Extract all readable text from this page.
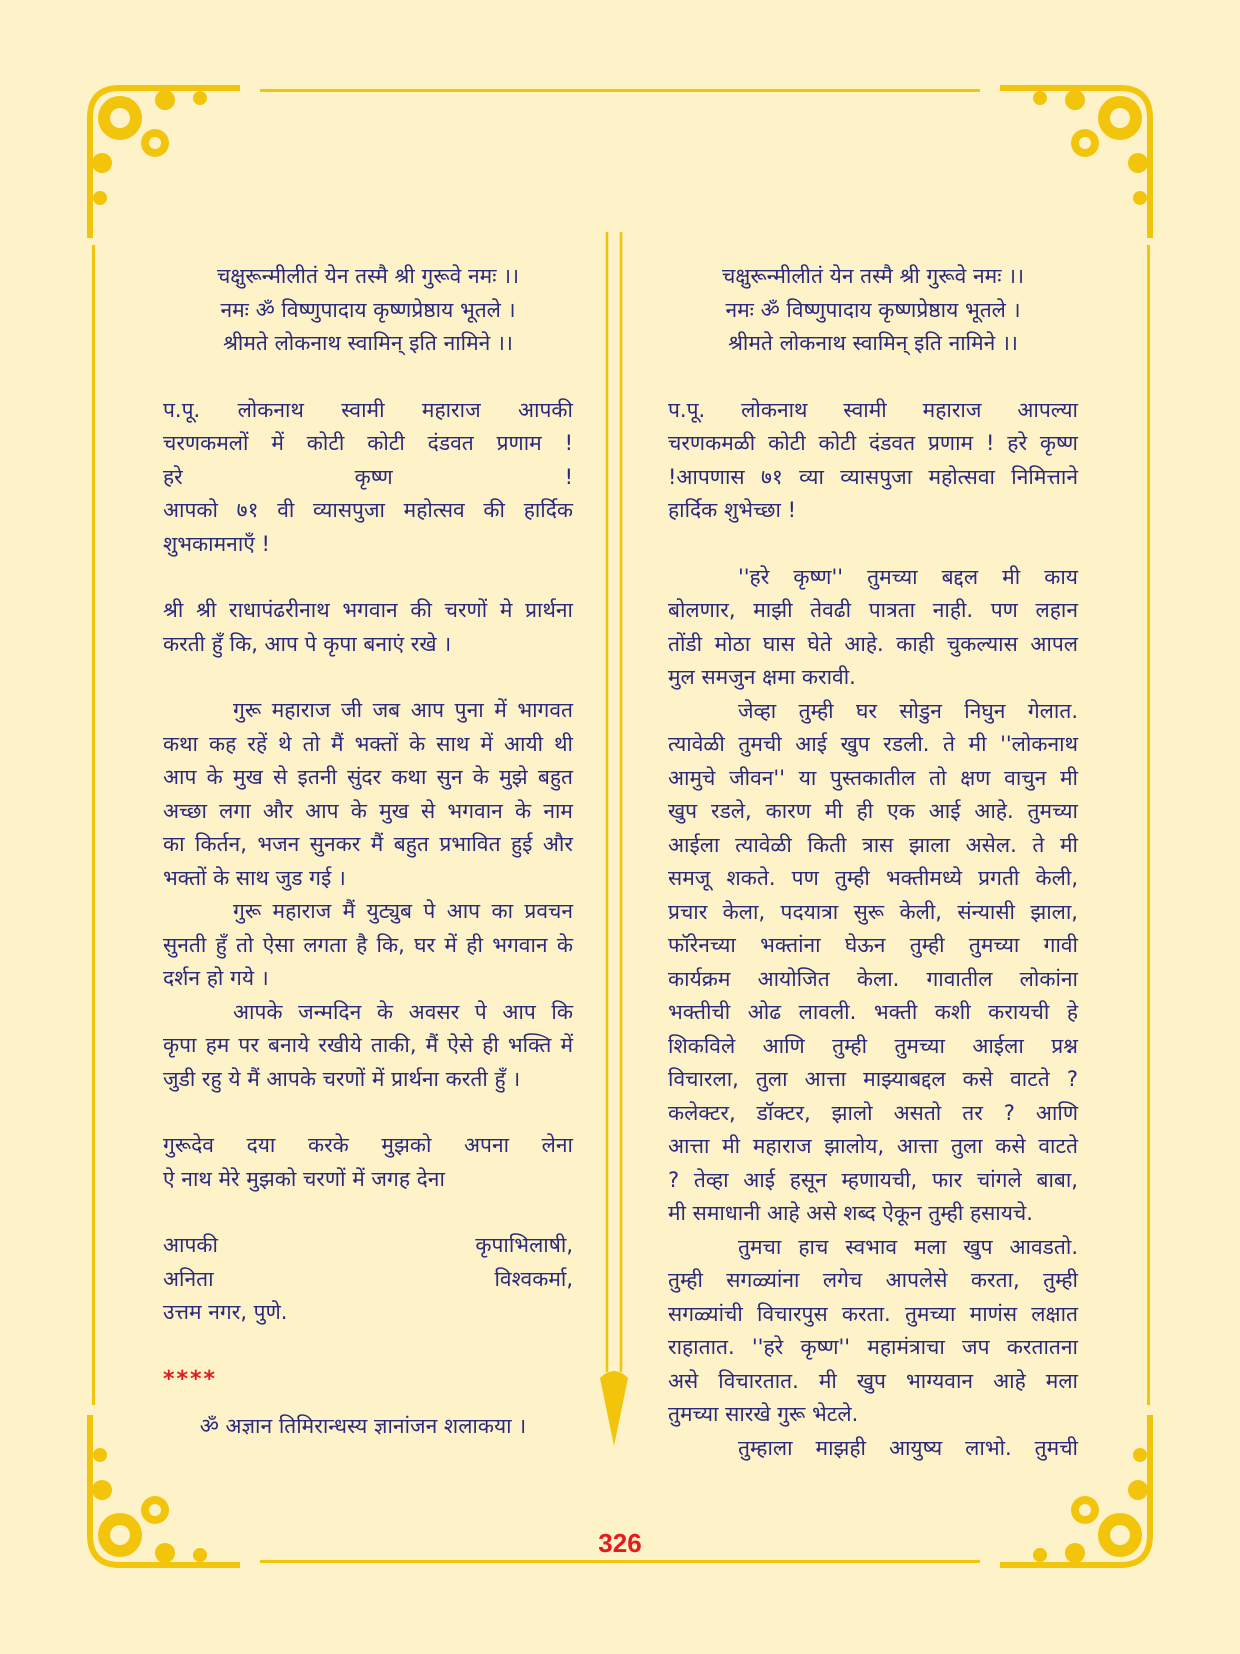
चक्षुरून्मीलीतं येन तस्मै श्री गुरूवे नमः ।।
नमः ॐ विष्णुपादाय कृष्णप्रेष्ठाय भूतले ।
श्रीमते लोकनाथ स्वामिन् इति नामिने ।।
प.पू. लोकनाथ स्वामी महाराज आपकी
चरणकमलों में कोटी कोटी दंडवत प्रणाम !
हरे कृष्ण !
आपको ७१ वी व्यासपुजा महोत्सव की हार्दिक
शुभकामनाएँ !
श्री श्री राधापंढरीनाथ भगवान की चरणों मे प्रार्थना
करती हुँ कि, आप पे कृपा बनाएं रखे ।
गुरू महाराज जी जब आप पुना में भागवत
कथा कह रहें थे तो मैं भक्तों के साथ में आयी थी
आप के मुख से इतनी सुंदर कथा सुन के मुझे बहुत
अच्छा लगा और आप के मुख से भगवान के नाम
का किर्तन, भजन सुनकर मैं बहुत प्रभावित हुई और
भक्तों के साथ जुड गई ।
गुरू महाराज मैं युट्युब पे आप का प्रवचन
सुनती हुँ तो ऐसा लगता है कि, घर में ही भगवान के
दर्शन हो गये ।
आपके जन्मदिन के अवसर पे आप कि
कृपा हम पर बनाये रखीये ताकी, मैं ऐसे ही भक्ति में
जुडी रहु ये मैं आपके चरणों में प्रार्थना करती हुँ ।
गुरूदेव दया करके मुझको अपना लेना
ऐ नाथ मेरे मुझको चरणों में जगह देना
आपकी कृपाभिलाषी,
अनिता विश्वकर्मा,
उत्तम नगर, पुणे.
****
ॐ अज्ञान तिमिरान्धस्य ज्ञानांजन शलाकया ।
चक्षुरून्मीलीतं येन तस्मै श्री गुरूवे नमः ।।
नमः ॐ विष्णुपादाय कृष्णप्रेष्ठाय भूतले ।
श्रीमते लोकनाथ स्वामिन् इति नामिने ।।
प.पू. लोकनाथ स्वामी महाराज आपल्या
चरणकमळी कोटी कोटी दंडवत प्रणाम ! हरे कृष्ण
!आपणास ७१ व्या व्यासपुजा महोत्सवा निमित्ताने
हार्दिक शुभेच्छा !
''हरे कृष्ण'' तुमच्या बद्दल मी काय
बोलणार, माझी तेवढी पात्रता नाही. पण लहान
तोंडी मोठा घास घेते आहे. काही चुकल्यास आपल
मुल समजुन क्षमा करावी.
जेव्हा तुम्ही घर सोडुन निघुन गेलात.
त्यावेळी तुमची आई खुप रडली. ते मी ''लोकनाथ
आमुचे जीवन'' या पुस्तकातील तो क्षण वाचुन मी
खुप रडले, कारण मी ही एक आई आहे. तुमच्या
आईला त्यावेळी किती त्रास झाला असेल. ते मी
समजू शकते. पण तुम्ही भक्तीमध्ये प्रगती केली,
प्रचार केला, पदयात्रा सुरू केली, संन्यासी झाला,
फॉरेनच्या भक्तांना घेऊन तुम्ही तुमच्या गावी
कार्यक्रम आयोजित केला. गावातील लोकांना
भक्तीची ओढ लावली. भक्ती कशी करायची हे
शिकविले आणि तुम्ही तुमच्या आईला प्रश्न
विचारला, तुला आत्ता माझ्याबद्दल कसे वाटते ?
कलेक्टर, डॉक्टर, झालो असतो तर ? आणि
आत्ता मी महाराज झालोय, आत्ता तुला कसे वाटते
? तेव्हा आई हसून म्हणायची, फार चांगले बाबा,
मी समाधानी आहे असे शब्द ऐकून तुम्ही हसायचे.
तुमचा हाच स्वभाव मला खुप आवडतो.
तुम्ही सगळ्यांना लगेच आपलेसे करता, तुम्ही
सगळ्यांची विचारपुस करता. तुमच्या माणंस लक्षात
राहातात. ''हरे कृष्ण'' महामंत्राचा जप करतातना
असे विचारतात. मी खुप भाग्यवान आहे मला
तुमच्या सारखे गुरू भेटले.
तुम्हाला माझही आयुष्य लाभो. तुमची
326
